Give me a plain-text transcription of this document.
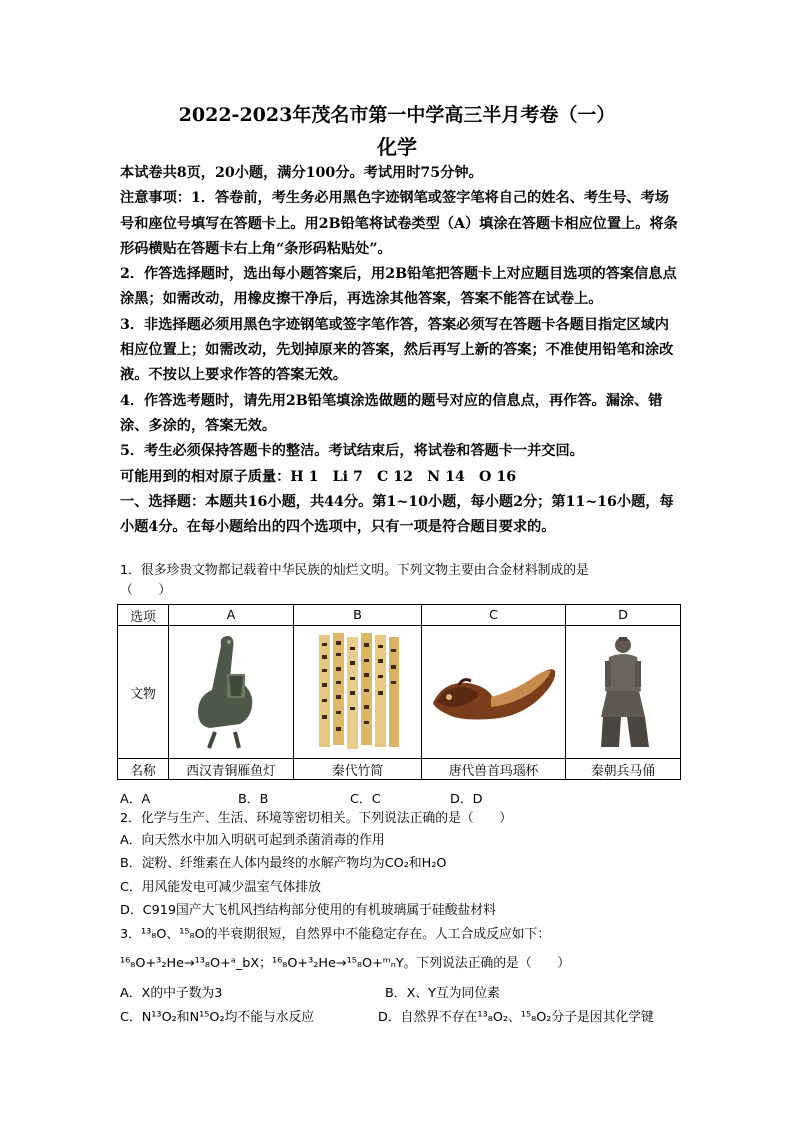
2022-2023年茂名市第一中学高三半月考卷（一）
化学

本试卷共8页，20小题，满分100分。考试用时75分钟。

注意事项：1．答卷前，考生务必用黑色字迹钢笔或签字笔将自己的姓名、考生号、考场号和座位号填写在答题卡上。用2B铅笔将试卷类型（A）填涂在答题卡相应位置上。将条形码横贴在答题卡右上角“条形码粘贴处”。

2．作答选择题时，选出每小题答案后，用2B铅笔把答题卡上对应题目选项的答案信息点涂黑；如需改动，用橡皮擦干净后，再选涂其他答案，答案不能答在试卷上。

3．非选择题必须用黑色字迹钢笔或签字笔作答，答案必须写在答题卡各题目指定区域内相应位置上；如需改动，先划掉原来的答案，然后再写上新的答案；不准使用铅笔和涂改液。不按以上要求作答的答案无效。

4．作答选考题时，请先用2B铅笔填涂选做题的题号对应的信息点，再作答。漏涂、错涂、多涂的，答案无效。

5．考生必须保持答题卡的整洁。考试结束后，将试卷和答题卡一并交回。

可能用到的相对原子质量：H 1　Li 7　C 12　N 14　O 16

一、选择题：本题共16小题，共44分。第1~10小题，每小题2分；第11~16小题，每小题4分。在每小题给出的四个选项中，只有一项是符合题目要求的。

1．很多珍贵文物都记载着中华民族的灿烂文明。下列文物主要由合金材料制成的是
（　　）
选项	A	B	C	D
文物	

名称	西汉青铜雁鱼灯	秦代竹简	唐代兽首玛瑙杯	秦朝兵马俑
A．A	B．B	C．C	D．D
2．化学与生产、生活、环境等密切相关。下列说法正确的是（　　）
A．向天然水中加入明矾可起到杀菌消毒的作用
B．淀粉、纤维素在人体内最终的水解产物均为CO₂和H₂O
C．用风能发电可减少温室气体排放
D．C919国产大飞机风挡结构部分使用的有机玻璃属于硅酸盐材料
3．¹³₈O、¹⁵₈O的半衰期很短，自然界中不能稳定存在。人工合成反应如下：
¹⁶₈O+³₂He→¹³₈O+ᵃ_bX；¹⁶₈O+³₂He→¹⁵₈O+ᵐₙY。下列说法正确的是（　　）
A．X的中子数为3	B．X、Y互为同位素
C．N¹³O₂和N¹⁵O₂均不能与水反应	D．自然界不存在¹³₈O₂、¹⁵₈O₂分子是因其化学键
